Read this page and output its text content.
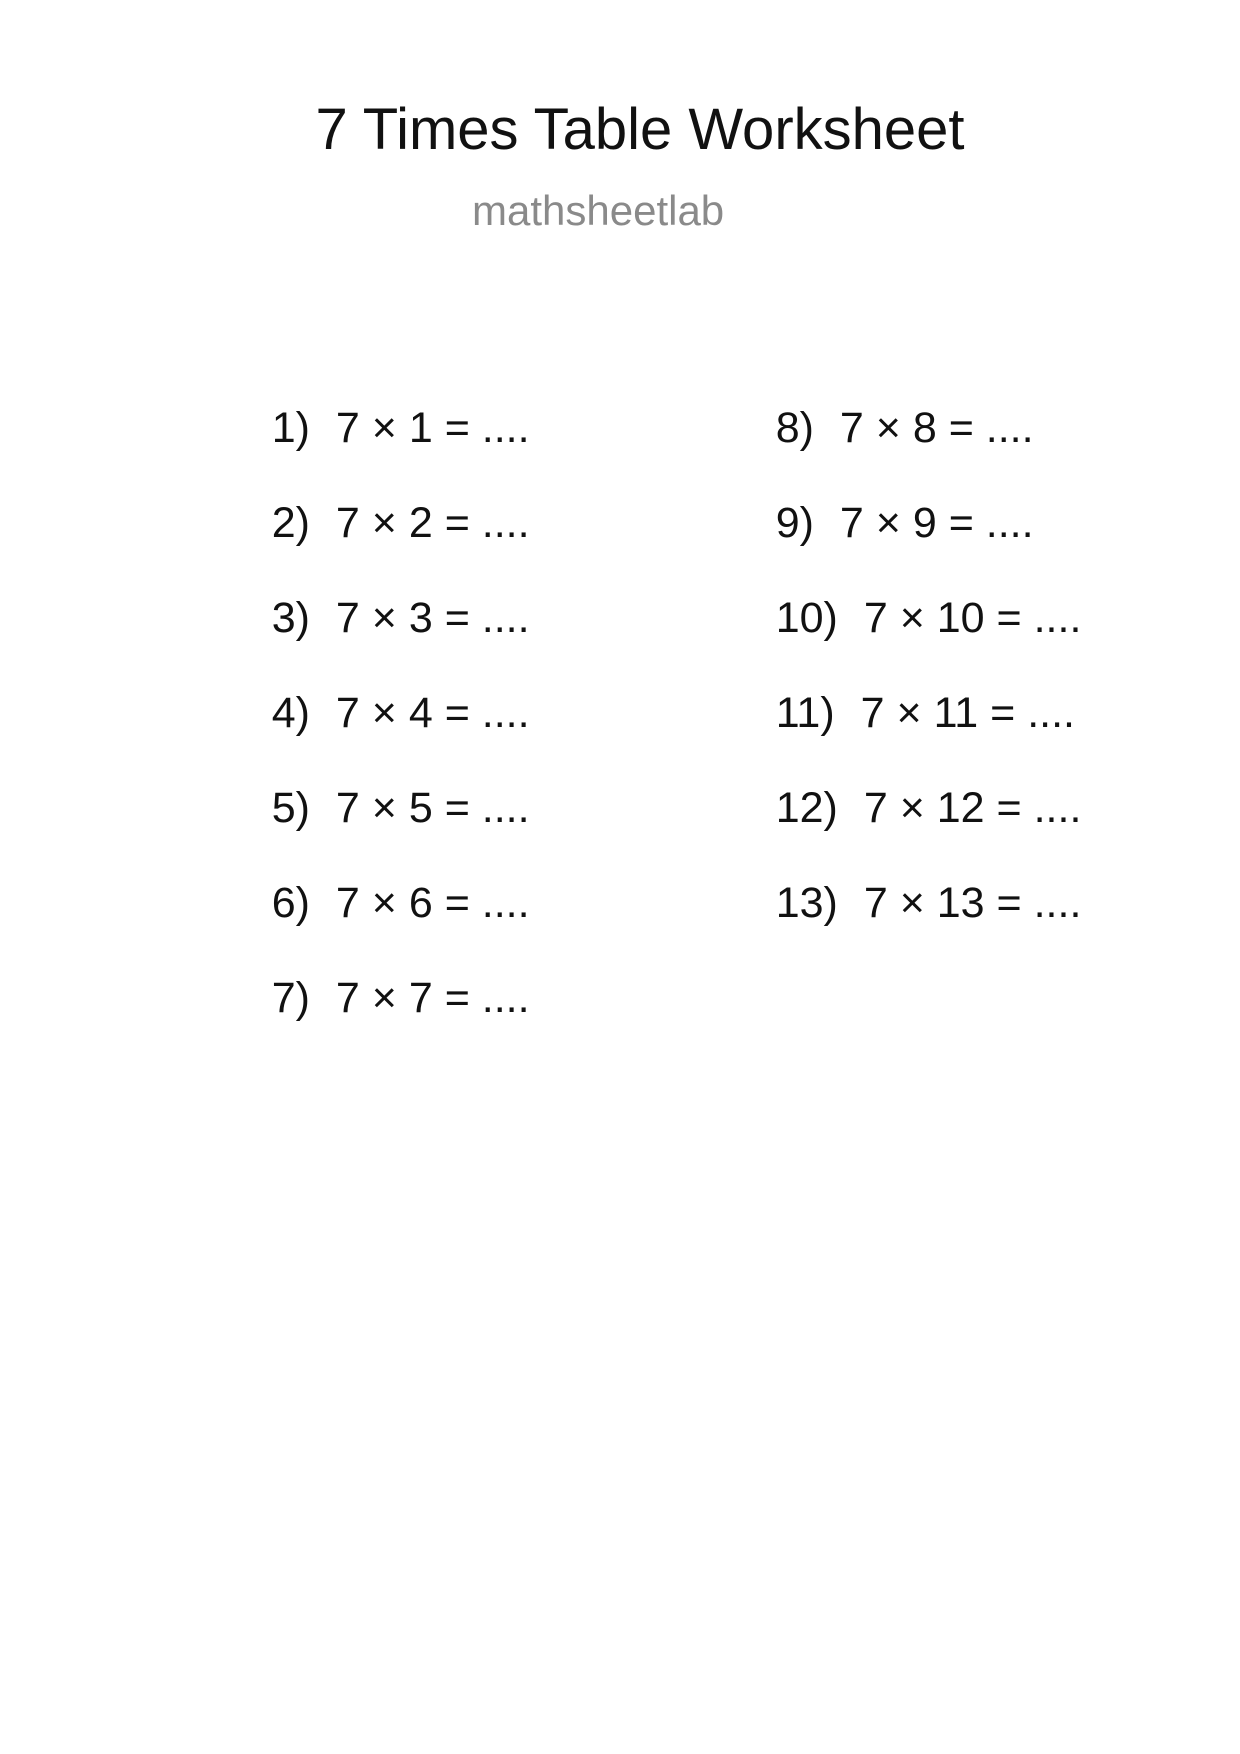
7 Times Table Worksheet
mathsheetlab

1) 7 × 1 = ....

2) 7 × 2 = ....

3) 7 × 3 = ....

4) 7 × 4 = ....

5) 7 × 5 = ....

6) 7 × 6 = ....

7) 7 × 7 = ....

8) 7 × 8 = ....

9) 7 × 9 = ....

10) 7 × 10 = ....

11) 7 × 11 = ....

12) 7 × 12 = ....

13) 7 × 13 = ....
